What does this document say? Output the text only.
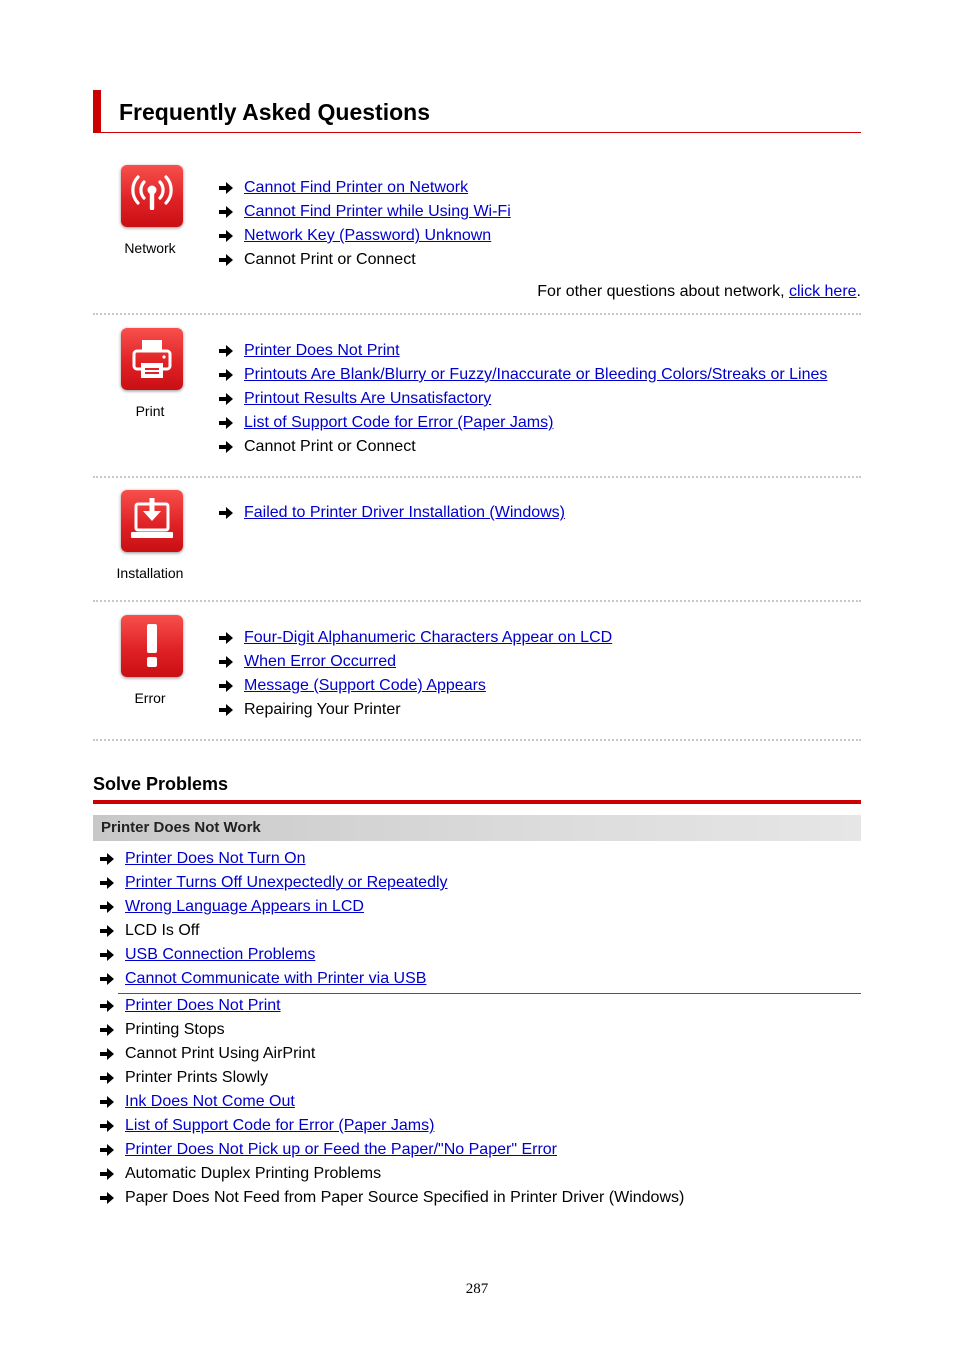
Frequently Asked Questions
Network
Cannot Find Printer on Network
Cannot Find Printer while Using Wi-Fi
Network Key (Password) Unknown
Cannot Print or Connect
For other questions about network, click here.
Print
Printer Does Not Print
Printouts Are Blank/Blurry or Fuzzy/Inaccurate or Bleeding Colors/Streaks or Lines
Printout Results Are Unsatisfactory
List of Support Code for Error (Paper Jams)
Cannot Print or Connect
Installation
Failed to Printer Driver Installation (Windows)
Error
Four-Digit Alphanumeric Characters Appear on LCD
When Error Occurred
Message (Support Code) Appears
Repairing Your Printer
Solve Problems
Printer Does Not Work
Printer Does Not Turn On
Printer Turns Off Unexpectedly or Repeatedly
Wrong Language Appears in LCD
LCD Is Off
USB Connection Problems
Cannot Communicate with Printer via USB
Printer Does Not Print
Printing Stops
Cannot Print Using AirPrint
Printer Prints Slowly
Ink Does Not Come Out
List of Support Code for Error (Paper Jams)
Printer Does Not Pick up or Feed the Paper/"No Paper" Error
Automatic Duplex Printing Problems
Paper Does Not Feed from Paper Source Specified in Printer Driver (Windows)
287
